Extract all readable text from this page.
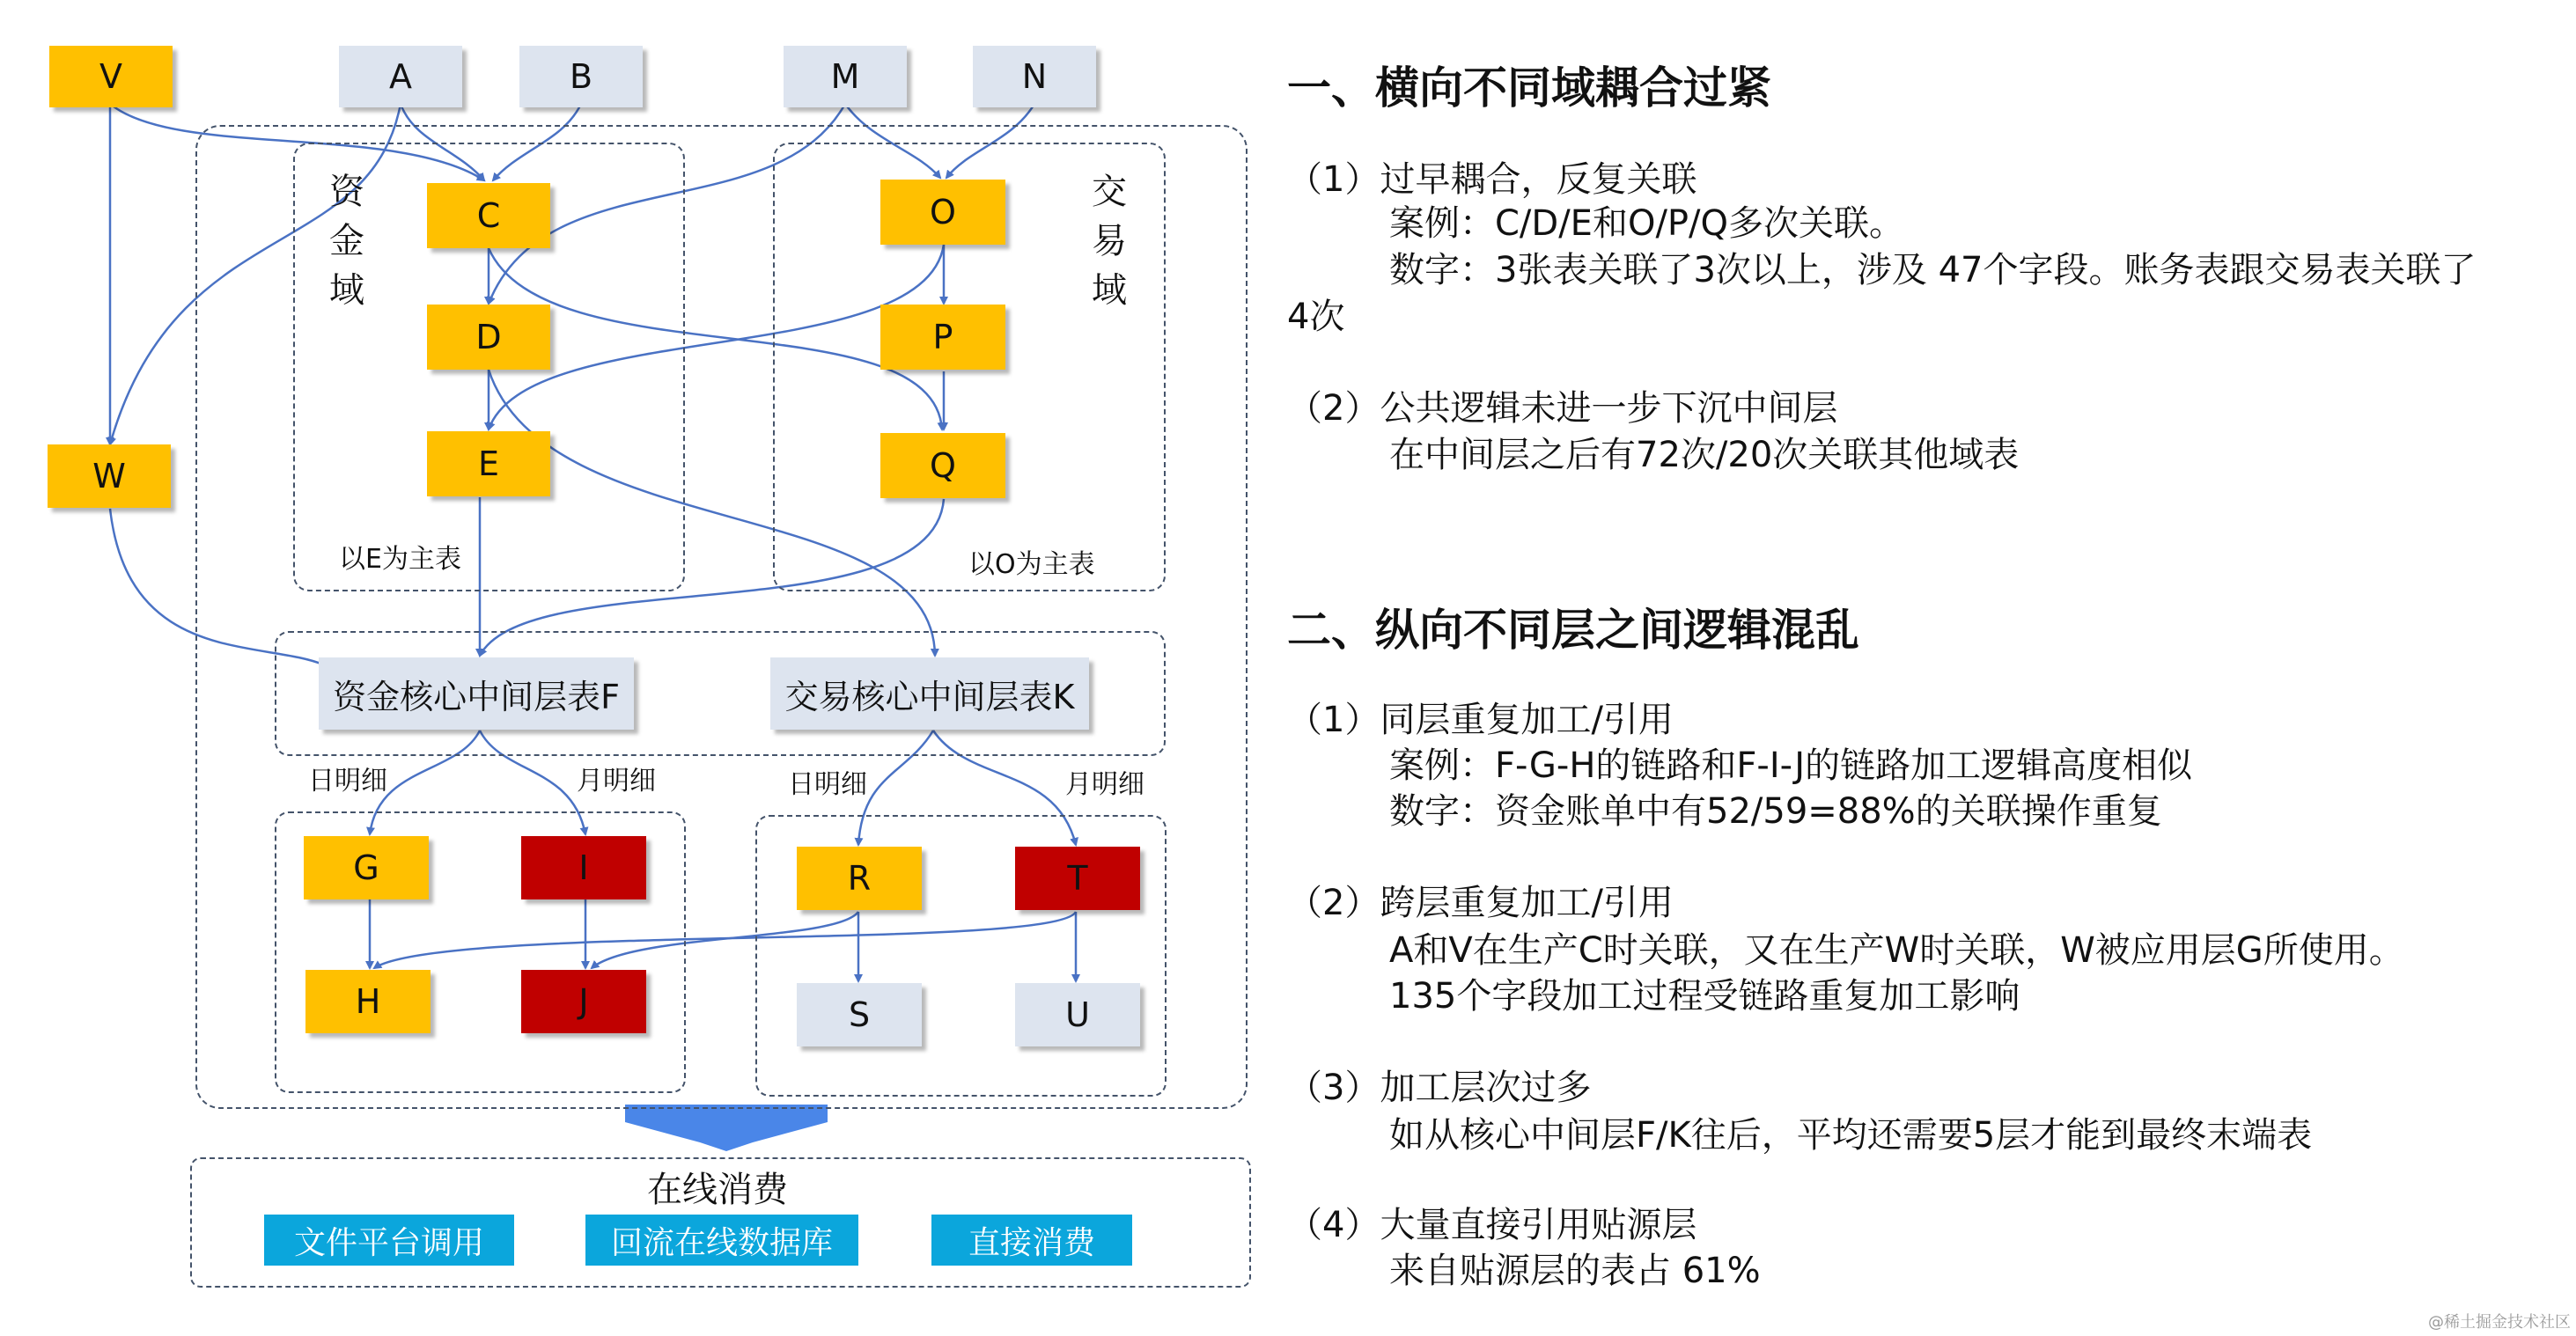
V	A	B	M	N
W
资金域
C
D
E
以E为主表
交易域
O
P
Q
以O为主表
资金核心中间层表F	交易核心中间层表K
日明细	月明细	日明细	月明细
G	I
H	J
R	T
S	U
在线消费
文件平台调用	回流在线数据库	直接消费
一、横向不同域耦合过紧
（1）过早耦合，反复关联
案例：C/D/E和O/P/Q多次关联。
数字：3张表关联了3次以上，涉及 47个字段。账务表跟交易表关联了
4次
（2）公共逻辑未进一步下沉中间层
在中间层之后有72次/20次关联其他域表
二、纵向不同层之间逻辑混乱
（1）同层重复加工/引用
案例：F-G-H的链路和F-I-J的链路加工逻辑高度相似
数字：资金账单中有52/59=88%的关联操作重复
（2）跨层重复加工/引用
A和V在生产C时关联，又在生产W时关联，W被应用层G所使用。
135个字段加工过程受链路重复加工影响
（3）加工层次过多
如从核心中间层F/K往后，平均还需要5层才能到最终末端表
（4）大量直接引用贴源层
来自贴源层的表占 61%
@稀土掘金技术社区
